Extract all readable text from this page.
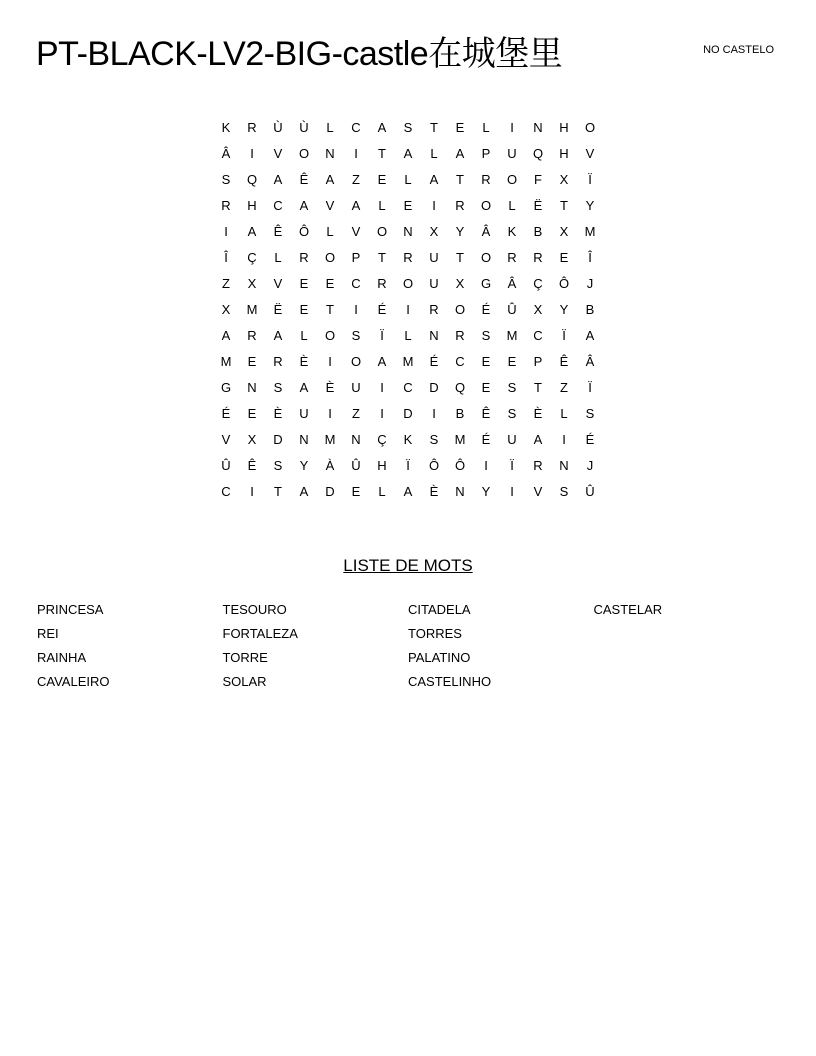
PT-BLACK-LV2-BIG-castle在城堡里	NO CASTELO
K	R	Ù	Ù	L	C	A	S	T	E	L	I	N	H	O
Â	I	V	O	N	I	T	A	L	A	P	U	Q	H	V
S	Q	A	Ê	A	Z	E	L	A	T	R	O	F	X	Ï
R	H	C	A	V	A	L	E	I	R	O	L	Ë	T	Y
I	A	Ê	Ô	L	V	O	N	X	Y	Â	K	B	X	M
Î	Ç	L	R	O	P	T	R	U	T	O	R	R	E	Î
Z	X	V	E	E	C	R	O	U	X	G	Â	Ç	Ô	J
X	M	Ë	E	T	I	É	I	R	O	É	Û	X	Y	B
A	R	A	L	O	S	Ï	L	N	R	S	M	C	Ï	A
M	E	R	È	I	O	A	M	É	C	E	E	P	Ê	Â
G	N	S	A	È	U	I	C	D	Q	E	S	T	Z	Ï
É	E	È	U	I	Z	I	D	I	B	Ê	S	È	L	S
V	X	D	N	M	N	Ç	K	S	M	É	U	A	I	É
Û	Ê	S	Y	À	Û	H	Ï	Ô	Ô	I	Ï	R	N	J
C	I	T	A	D	E	L	A	È	N	Y	I	V	S	Û
LISTE DE MOTS
PRINCESA	TESOURO	CITADELA	CASTELAR
REI	FORTALEZA	TORRES
RAINHA	TORRE	PALATINO
CAVALEIRO	SOLAR	CASTELINHO
